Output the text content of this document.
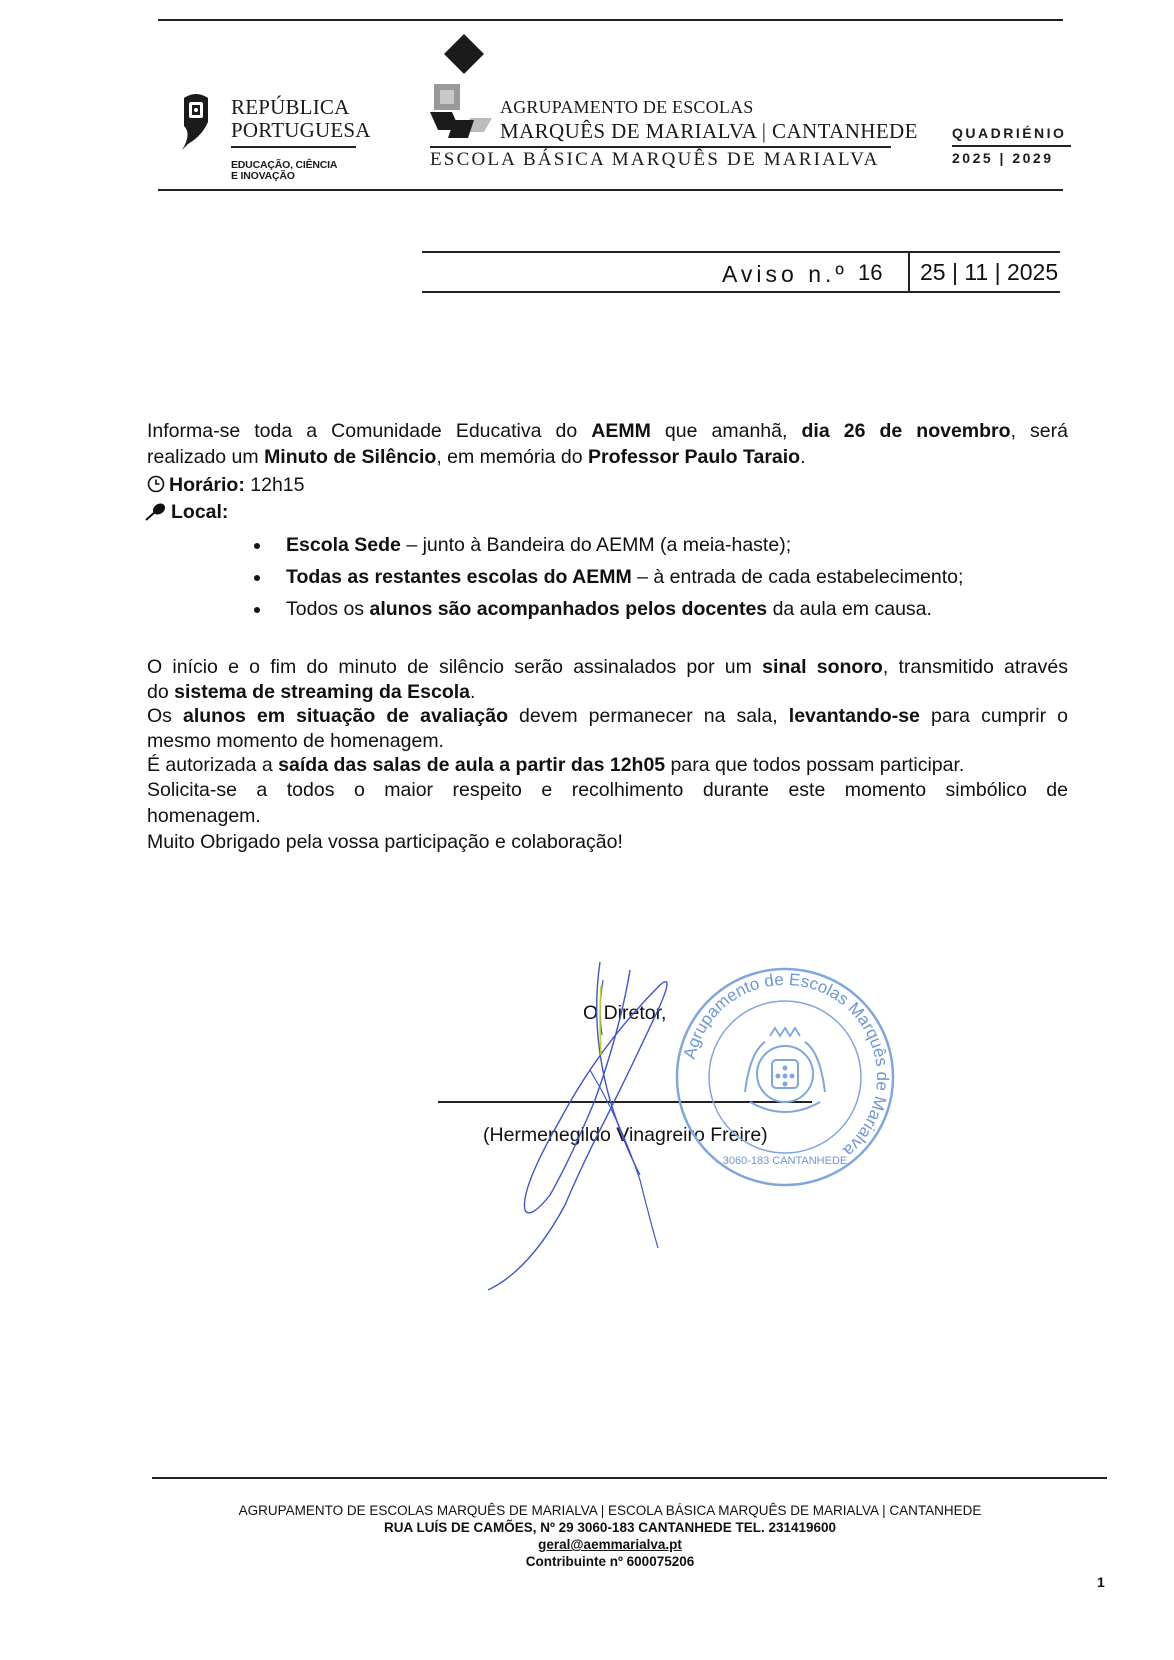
REPÚBLICA
PORTUGUESA
EDUCAÇÃO, CIÊNCIA
E INOVAÇÃO
AGRUPAMENTO DE ESCOLAS
MARQUÊS DE MARIALVA | CANTANHEDE
ESCOLA BÁSICA MARQUÊS DE MARIALVA
QUADRIÉNIO
2025 | 2029
Aviso n.º 16 25 | 11 | 2025
Informa-se toda a Comunidade Educativa do AEMM que amanhã, dia 26 de novembro, será
realizado um Minuto de Silêncio, em memória do Professor Paulo Taraio.
Horário: 12h15
Local:
Escola Sede – junto à Bandeira do AEMM (a meia-haste);
Todas as restantes escolas do AEMM – à entrada de cada estabelecimento;
Todos os alunos são acompanhados pelos docentes da aula em causa.
O início e o fim do minuto de silêncio serão assinalados por um sinal sonoro, transmitido através
do sistema de streaming da Escola.
Os alunos em situação de avaliação devem permanecer na sala, levantando-se para cumprir o
mesmo momento de homenagem.
É autorizada a saída das salas de aula a partir das 12h05 para que todos possam participar.
Solicita-se a todos o maior respeito e recolhimento durante este momento simbólico de
homenagem.
Muito Obrigado pela vossa participação e colaboração!
O Diretor,
(Hermenegildo Vinagreiro Freire)
Agrupamento de Escolas Marquês de Marialva
3060-183 CANTANHEDE
AGRUPAMENTO DE ESCOLAS MARQUÊS DE MARIALVA | ESCOLA BÁSICA MARQUÊS DE MARIALVA | CANTANHEDE
RUA LUÍS DE CAMÕES, Nº 29 3060-183 CANTANHEDE TEL. 231419600
geral@aemmarialva.pt
Contribuinte nº 600075206
1
